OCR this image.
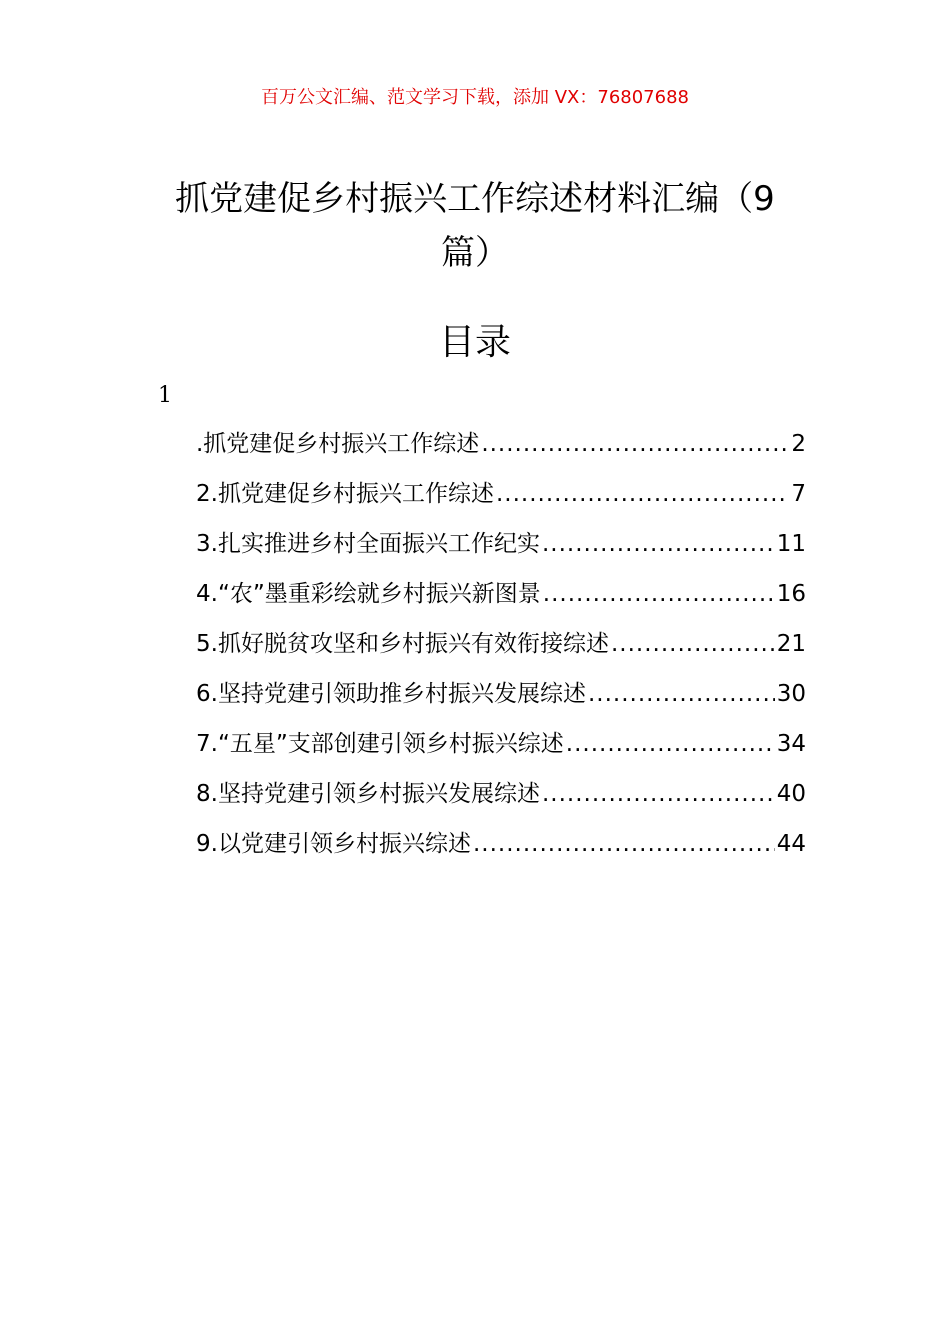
百万公文汇编、范文学习下载，添加 VX：76807688
抓党建促乡村振兴工作综述材料汇编（9篇）
目录
1
.抓党建促乡村振兴工作综述 .....	2
2.抓党建促乡村振兴工作综述 .....	7
3.扎实推进乡村全面振兴工作纪实 .....	11
4.“农”墨重彩绘就乡村振兴新图景 .....	16
5.抓好脱贫攻坚和乡村振兴有效衔接综述 .....	21
6.坚持党建引领助推乡村振兴发展综述 .....	30
7.“五星”支部创建引领乡村振兴综述 .....	34
8.坚持党建引领乡村振兴发展综述 .....	40
9.以党建引领乡村振兴综述 .....	44
